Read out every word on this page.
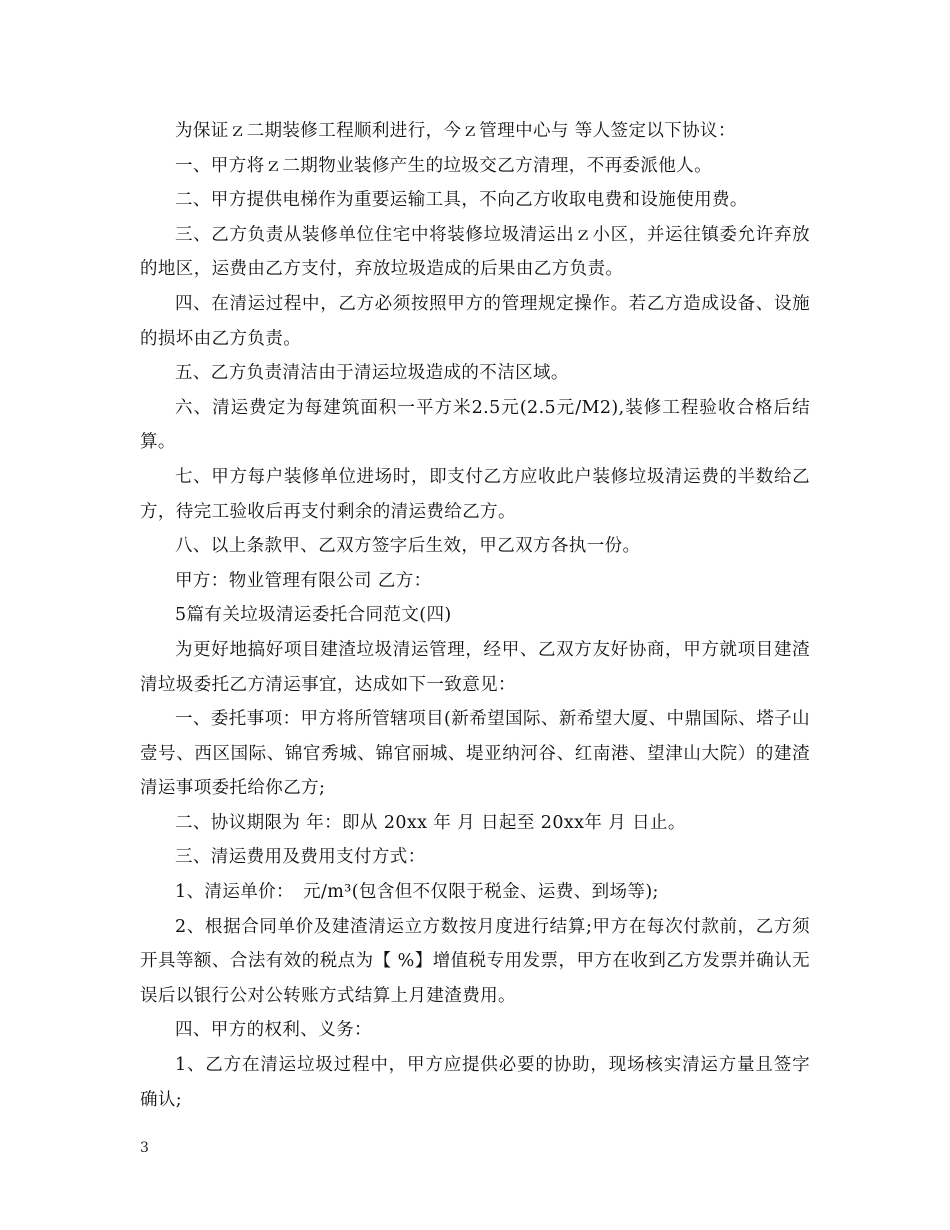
为保证ｚ二期装修工程顺利进行，今ｚ管理中心与 等人签定以下协议：

一、甲方将ｚ二期物业装修产生的垃圾交乙方清理，不再委派他人。

二、甲方提供电梯作为重要运输工具，不向乙方收取电费和设施使用费。

三、乙方负责从装修单位住宅中将装修垃圾清运出ｚ小区，并运往镇委允许弃放的地区，运费由乙方支付，弃放垃圾造成的后果由乙方负责。

四、在清运过程中，乙方必须按照甲方的管理规定操作。若乙方造成设备、设施的损坏由乙方负责。

五、乙方负责清洁由于清运垃圾造成的不洁区域。

六、清运费定为每建筑面积一平方米2.5元(2.5元/M2),装修工程验收合格后结算。

七、甲方每户装修单位进场时，即支付乙方应收此户装修垃圾清运费的半数给乙方，待完工验收后再支付剩余的清运费给乙方。

八、以上条款甲、乙双方签字后生效，甲乙双方各执一份。

甲方：物业管理有限公司 乙方：

5篇有关垃圾清运委托合同范文(四)

为更好地搞好项目建渣垃圾清运管理，经甲、乙双方友好协商，甲方就项目建渣清垃圾委托乙方清运事宜，达成如下一致意见：

一、委托事项：甲方将所管辖项目(新希望国际、新希望大厦、中鼎国际、塔子山壹号、西区国际、锦官秀城、锦官丽城、堤亚纳河谷、红南港、望津山大院）的建渣清运事项委托给你乙方;

二、协议期限为 年：即从 20xx 年 月 日起至 20xx年 月 日止。

三、清运费用及费用支付方式：

1、清运单价：　元/m³(包含但不仅限于税金、运费、到场等);

2、根据合同单价及建渣清运立方数按月度进行结算;甲方在每次付款前，乙方须开具等额、合法有效的税点为【 %】增值税专用发票，甲方在收到乙方发票并确认无误后以银行公对公转账方式结算上月建渣费用。

四、甲方的权利、义务：

1、乙方在清运垃圾过程中，甲方应提供必要的协助，现场核实清运方量且签字确认;

3
